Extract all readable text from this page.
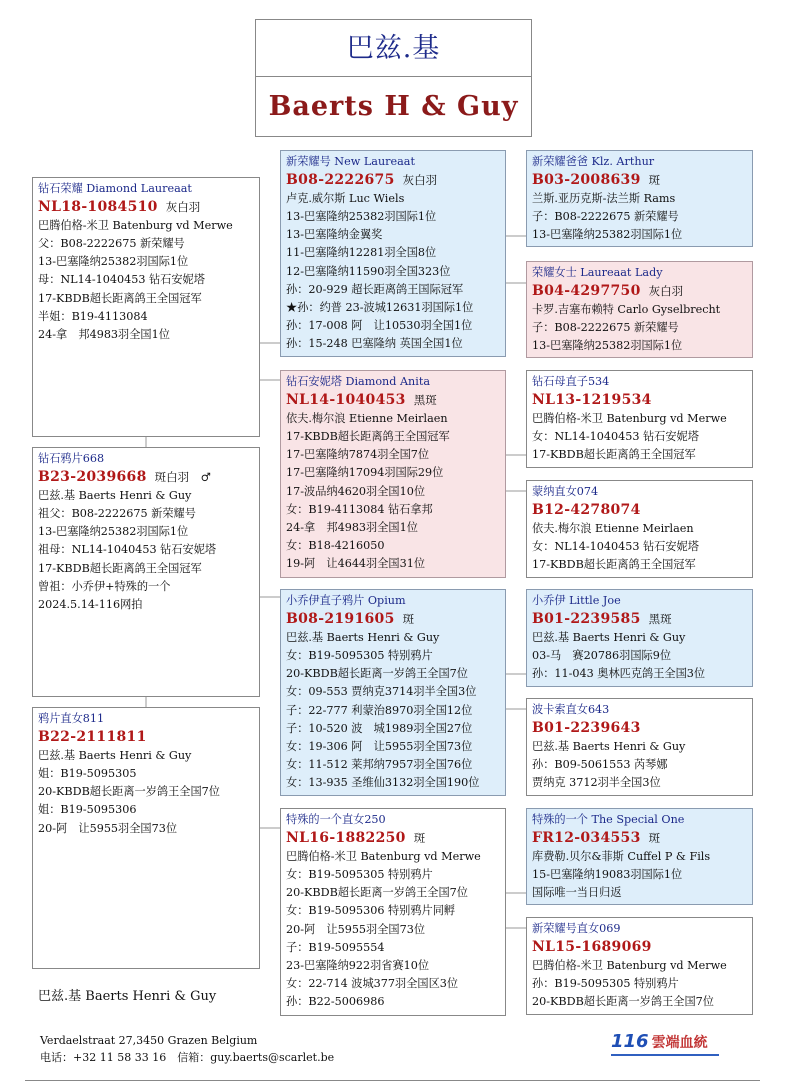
巴兹.基
Baerts H & Guy
钻石荣耀 Diamond Laureaat
NL18-1084510 灰白羽
巴腾伯格-米卫 Batenburg vd Merwe
父：B08-2222675 新荣耀号
13-巴塞隆纳25382羽国际1位
母：NL14-1040453 钻石安妮塔
17-KBDB超长距离鸽王全国冠军
半姐：B19-4113084
24-拿　邦4983羽全国1位
钻石鸦片668
B23-2039668 斑白羽　♂
巴兹.基 Baerts Henri & Guy
祖父：B08-2222675 新荣耀号
13-巴塞隆纳25382羽国际1位
祖母：NL14-1040453 钻石安妮塔
17-KBDB超长距离鸽王全国冠军
曾祖：小乔伊+特殊的一个
2024.5.14-116网拍
鸦片直女811
B22-2111811
巴兹.基 Baerts Henri & Guy
姐：B19-5095305
20-KBDB超长距离一岁鸽王全国7位
姐：B19-5095306
20-阿　让5955羽全国73位
新荣耀号 New Laureaat
B08-2222675 灰白羽
卢克.威尔斯 Luc Wiels
13-巴塞隆纳25382羽国际1位
13-巴塞隆纳金翼奖
11-巴塞隆纳12281羽全国8位
12-巴塞隆纳11590羽全国323位
孙：20-929 超长距离鸽王国际冠军
★孙：约普 23-波城12631羽国际1位
孙：17-008 阿　让10530羽全国1位
孙：15-248 巴塞隆纳 英国全国1位
钻石安妮塔 Diamond Anita
NL14-1040453 黑斑
依夫.梅尔浪 Etienne Meirlaen
17-KBDB超长距离鸽王全国冠军
17-巴塞隆纳7874羽全国7位
17-巴塞隆纳17094羽国际29位
17-波品纳4620羽全国10位
女：B19-4113084 钻石拿邦
24-拿　邦4983羽全国1位
女：B18-4216050
19-阿　让4644羽全国31位
小乔伊直子鸦片 Opium
B08-2191605 斑
巴兹.基 Baerts Henri & Guy
女：B19-5095305 特别鸦片
20-KBDB超长距离一岁鸽王全国7位
女：09-553 贾纳克3714羽半全国3位
子：22-777 利蒙治8970羽全国12位
子：10-520 波　城1989羽全国27位
女：19-306 阿　让5955羽全国73位
女：11-512 莱邦纳7957羽全国76位
女：13-935 圣维仙3132羽全国190位
特殊的一个直女250
NL16-1882250 斑
巴腾伯格-米卫 Batenburg vd Merwe
女：B19-5095305 特别鸦片
20-KBDB超长距离一岁鸽王全国7位
女：B19-5095306 特别鸦片同孵
20-阿　让5955羽全国73位
子：B19-5095554
23-巴塞隆纳922羽省赛10位
女：22-714 波城377羽全国区3位
孙：B22-5006986
新荣耀爸爸 Klz. Arthur
B03-2008639 斑
兰斯.亚历克斯-法兰斯 Rams
子：B08-2222675 新荣耀号
13-巴塞隆纳25382羽国际1位
荣耀女士 Laureaat Lady
B04-4297750 灰白羽
卡罗.吉塞布赖特 Carlo Gyselbrecht
子：B08-2222675 新荣耀号
13-巴塞隆纳25382羽国际1位
钻石母直子534
NL13-1219534
巴腾伯格-米卫 Batenburg vd Merwe
女：NL14-1040453 钻石安妮塔
17-KBDB超长距离鸽王全国冠军
蒙纳直女074
B12-4278074
依夫.梅尔浪 Etienne Meirlaen
女：NL14-1040453 钻石安妮塔
17-KBDB超长距离鸽王全国冠军
小乔伊 Little Joe
B01-2239585 黑斑
巴兹.基 Baerts Henri & Guy
03-马　赛20786羽国际9位
孙：11-043 奥林匹克鸽王全国3位
波卡索直女643
B01-2239643
巴兹.基 Baerts Henri & Guy
孙：B09-5061553 芮琴娜
贾纳克 3712羽半全国3位
特殊的一个 The Special One
FR12-034553 斑
库费勒.贝尔&菲斯 Cuffel P & Fils
15-巴塞隆纳19083羽国际1位
国际唯一当日归返
新荣耀号直女069
NL15-1689069
巴腾伯格-米卫 Batenburg vd Merwe
孙：B19-5095305 特别鸦片
20-KBDB超长距离一岁鸽王全国7位
巴兹.基 Baerts Henri & Guy
Verdaelstraat 27,3450 Grazen Belgium
电话：+32 11 58 33 16　信箱：guy.baerts@scarlet.be
116 雲端血統
